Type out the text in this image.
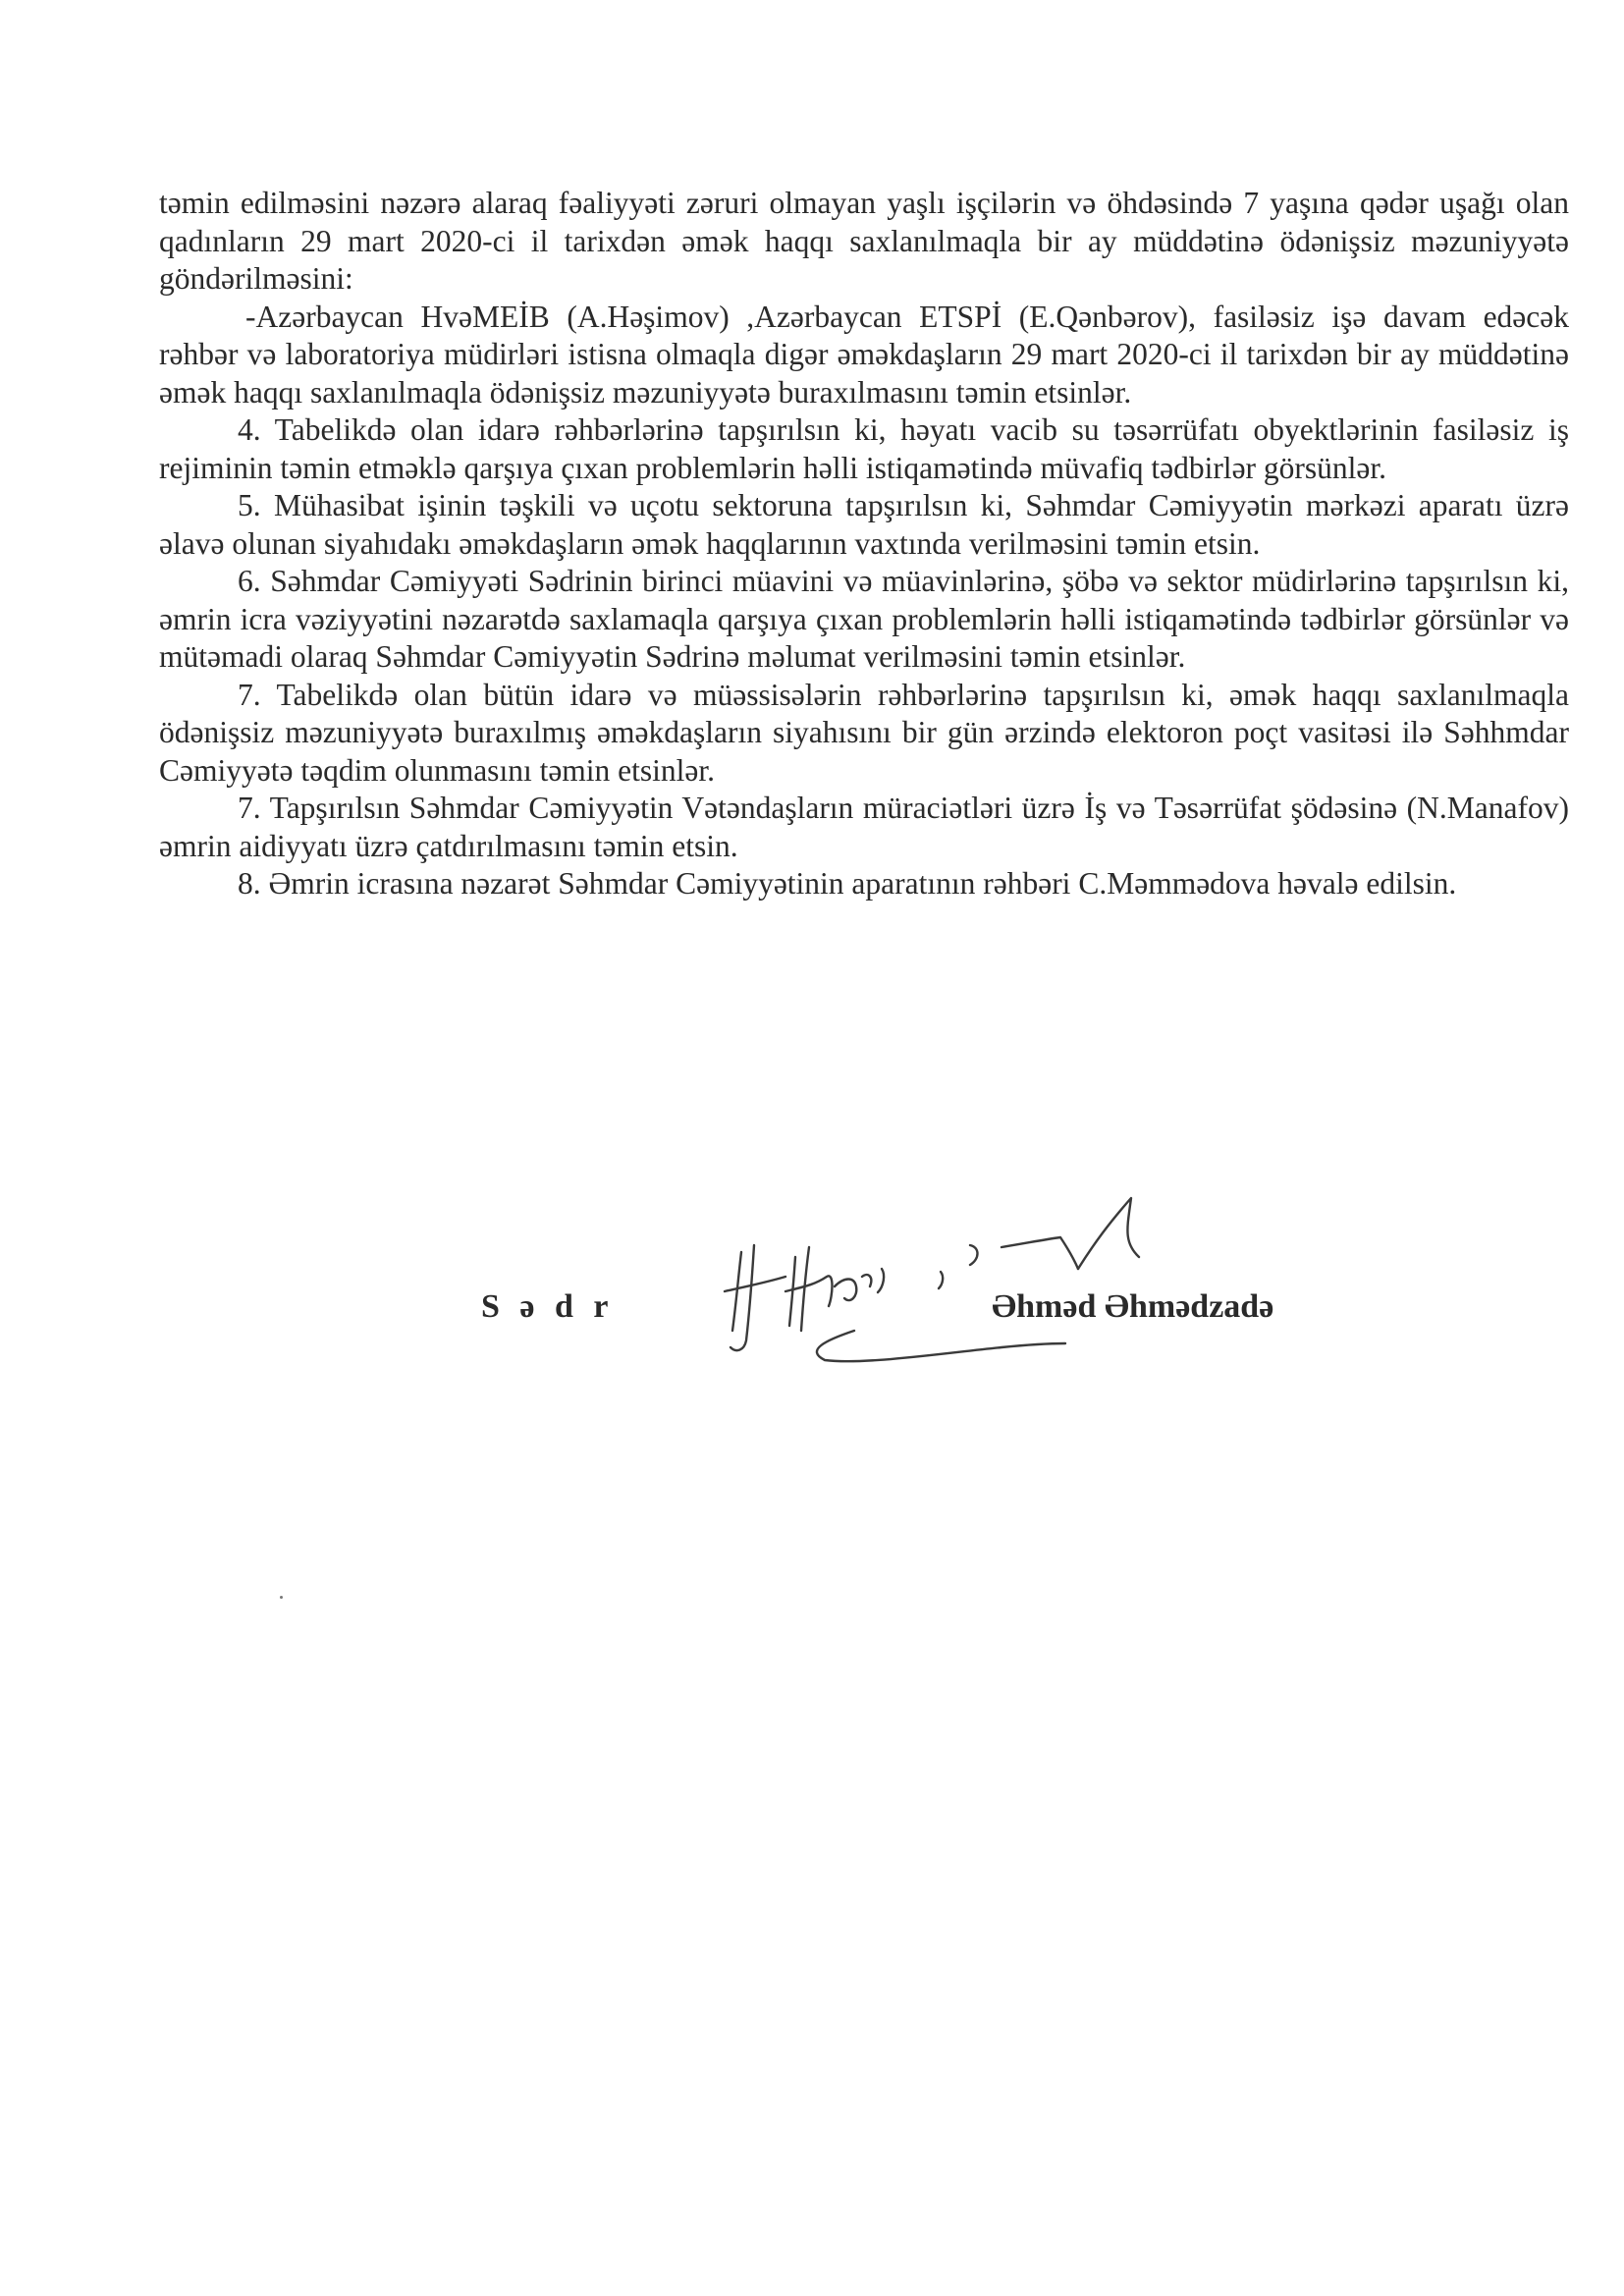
təmin edilməsini nəzərə alaraq fəaliyyəti zəruri olmayan yaşlı işçilərin və öhdəsində 7 yaşına qədər uşağı olan qadınların 29 mart 2020-ci il tarixdən əmək haqqı saxlanılmaqla bir ay müddətinə ödənişsiz məzuniyyətə göndərilməsini:

-Azərbaycan HvəMEİB (A.Həşimov) ,Azərbaycan ETSPİ (E.Qənbərov), fasiləsiz işə davam edəcək rəhbər və laboratoriya müdirləri istisna olmaqla digər əməkdaşların 29 mart 2020-ci il tarixdən bir ay müddətinə əmək haqqı saxlanılmaqla ödənişsiz məzuniyyətə buraxılmasını təmin etsinlər.

4. Tabelikdə olan idarə rəhbərlərinə tapşırılsın ki, həyatı vacib su təsərrüfatı obyektlərinin fasiləsiz iş rejiminin təmin etməklə qarşıya çıxan problemlərin həlli istiqamətində müvafiq tədbirlər görsünlər.

5. Mühasibat işinin təşkili və uçotu sektoruna tapşırılsın ki, Səhmdar Cəmiyyətin mərkəzi aparatı üzrə əlavə olunan siyahıdakı əməkdaşların əmək haqqlarının vaxtında verilməsini təmin etsin.

6. Səhmdar Cəmiyyəti Sədrinin birinci müavini və müavinlərinə, şöbə və sektor müdirlərinə tapşırılsın ki, əmrin icra vəziyyətini nəzarətdə saxlamaqla qarşıya çıxan problemlərin həlli istiqamətində tədbirlər görsünlər və mütəmadi olaraq Səhmdar Cəmiyyətin Sədrinə məlumat verilməsini təmin etsinlər.

7. Tabelikdə olan bütün idarə və müəssisələrin rəhbərlərinə tapşırılsın ki, əmək haqqı saxlanılmaqla ödənişsiz məzuniyyətə buraxılmış əməkdaşların siyahısını bir gün ərzində elektoron poçt vasitəsi ilə Səhhmdar Cəmiyyətə təqdim olunmasını təmin etsinlər.

7. Tapşırılsın Səhmdar Cəmiyyətin Vətəndaşların müraciətləri üzrə İş və Təsərrüfat şödəsinə (N.Manafov) əmrin aidiyyatı üzrə çatdırılmasını təmin etsin.

8. Əmrin icrasına nəzarət Səhmdar Cəmiyyətinin aparatının rəhbəri C.Məmmədova həvalə edilsin.

S ə d r	Əhməd Əhmədzadə
